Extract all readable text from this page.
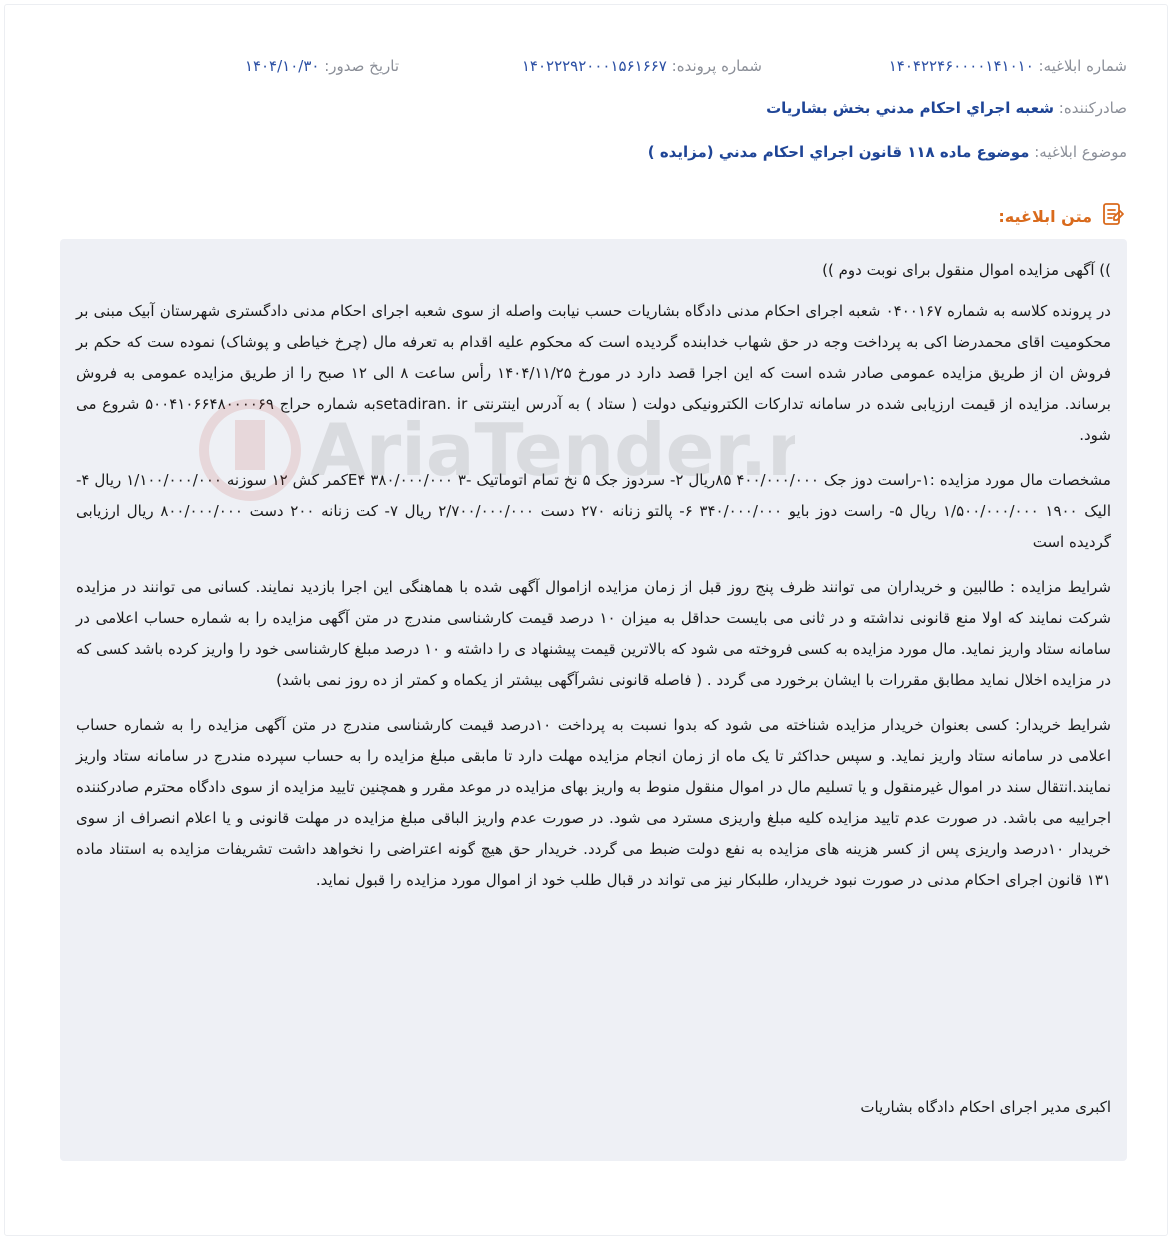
شماره ابلاغیه: ۱۴۰۴۲۲۴۶۰۰۰۰۱۴۱۰۱۰
شماره پرونده: ۱۴۰۲۲۲۹۲۰۰۰۱۵۶۱۶۶۷
تاریخ صدور: ۱۴۰۴/۱۰/۳۰
صادرکننده: شعبه اجراي احكام مدني بخش بشاريات
موضوع ابلاغیه: موضوع ماده ۱۱۸ قانون اجراي احكام مدني (مزايده )
متن ابلاغیه:

)) آگهی مزایده اموال منقول برای نوبت دوم ))

در پرونده کلاسه به شماره ۰۴۰۰۱۶۷ شعبه اجرای احکام مدنی دادگاه بشاریات حسب نیابت واصله از سوی شعبه اجرای احکام مدنی دادگستری شهرستان آبیک مبنی بر محکومیت اقای محمدرضا اکی به پرداخت وجه در حق شهاب خدابنده گردیده است که محکوم علیه اقدام به تعرفه مال (چرخ خیاطی و پوشاک) نموده ست که حکم بر فروش ان از طریق مزایده عمومی صادر شده است که این اجرا قصد دارد در مورخ ۱۴۰۴/۱۱/۲۵ رأس ساعت ۸ الی ۱۲ صبح را از طریق مزایده عمومی به فروش برساند. مزایده از قیمت ارزیابی شده در سامانه تدارکات الکترونیکی دولت ( ستاد ) به آدرس اینترنتی setadiran. irبه شماره حراج ۵۰۰۴۱۰۶۶۴۸۰۰۰۰۶۹ شروع می شود.

مشخصات مال مورد مزایده :۱-راست دوز جک ۴۰۰/۰۰۰/۰۰۰ ۸۵ریال ۲- سردوز جک ۵ نخ تمام اتوماتیک -۳ ۳۸۰/۰۰۰/۰۰۰ E۴کمر کش ۱۲ سوزنه ۱/۱۰۰/۰۰۰/۰۰۰ ریال ۴- الیک ۱۹۰۰ ۱/۵۰۰/۰۰۰/۰۰۰ ریال ۵- راست دوز بایو ۳۴۰/۰۰۰/۰۰۰ ۶- پالتو زنانه ۲۷۰ دست ۲/۷۰۰/۰۰۰/۰۰۰ ریال ۷- کت زنانه ۲۰۰ دست ۸۰۰/۰۰۰/۰۰۰ ریال ارزیابی گردیده است

شرایط مزایده : طالبین و خریداران می توانند ظرف پنج روز قبل از زمان مزایده ازاموال آگهی شده با هماهنگی این اجرا بازدید نمایند. کسانی می توانند در مزایده شرکت نمایند که اولا منع قانونی نداشته و در ثانی می بایست حداقل به میزان ۱۰ درصد قیمت کارشناسی مندرج در متن آگهی مزایده را به شماره حساب اعلامی در سامانه ستاد واریز نماید. مال مورد مزایده به کسی فروخته می شود که بالاترین قیمت پیشنهاد ی را داشته و ۱۰ درصد مبلغ کارشناسی خود را واریز کرده باشد کسی که در مزایده اخلال نماید مطابق مقررات با ایشان برخورد می گردد . ( فاصله قانونی نشرآگهی بیشتر از یکماه و کمتر از ده روز نمی باشد)

شرایط خریدار: کسی بعنوان خریدار مزایده شناخته می شود که بدوا نسبت به پرداخت ۱۰درصد قیمت کارشناسی مندرج در متن آگهی مزایده را به شماره حساب اعلامی در سامانه ستاد واریز نماید. و سپس حداکثر تا یک ماه از زمان انجام مزایده مهلت دارد تا مابقی مبلغ مزایده را به حساب سپرده مندرج در سامانه ستاد واریز نمایند.انتقال سند در اموال غیرمنقول و یا تسلیم مال در اموال منقول منوط به واریز بهای مزایده در موعد مقرر و همچنین تایید مزایده از سوی دادگاه محترم صادرکننده اجراییه می باشد. در صورت عدم تایید مزایده کلیه مبلغ واریزی مسترد می شود. در صورت عدم واریز الباقی مبلغ مزایده در مهلت قانونی و یا اعلام انصراف از سوی خریدار ۱۰درصد واریزی پس از کسر هزینه های مزایده به نفع دولت ضبط می گردد. خریدار حق هیچ گونه اعتراضی را نخواهد داشت تشریفات مزایده به استناد ماده ۱۳۱ قانون اجرای احکام مدنی در صورت نبود خریدار، طلبکار نیز می تواند در قبال طلب خود از اموال مورد مزایده را قبول نماید.

اکبری مدیر اجرای احکام دادگاه بشاریات
